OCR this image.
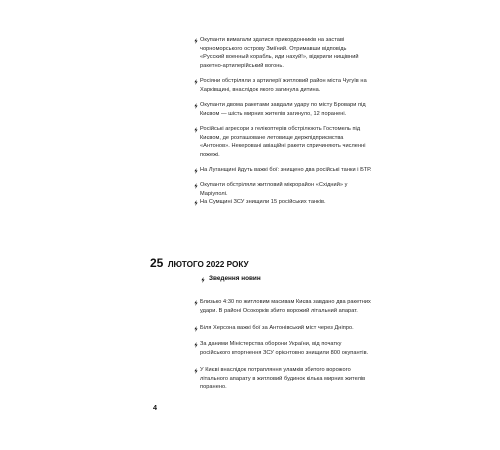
Окупанти вимагали здатися прикордонників на заставі чорноморського острову Зміїний. Отримавши відповідь «Русский военный корабль, иди нахуй!», відкрили нищівний ракетно-артилерійський вогонь.
Росіяни обстріляли з артилерії житловий район міста Чугуїв на Харківщині, внаслідок якого загинула дитина.
Окупанти двома ракетами завдали удару по місту Бровари під Києвом — шість мирних жителів загинуло, 12 поранені.
Російські агресори з гелікоптерів обстрілюють Гостомель під Києвом, де розташоване летовище держпідприємства «Антонов». Некеровані авіаційні ракети спричиняють численні пожежі.
На Луганщині йдуть важкі бої: знищено два російські танки і БТР.
Окупанти обстріляли житловий мікрорайон «Східний» у Маріуполі.
На Сумщині ЗСУ знищили 15 російських танків.
25 ЛЮТОГО 2022 РОКУ
Зведення новин
Близько 4:30 по житловим масивам Києва завдано два ракетних удари. В районі Осокорків збито ворожий літальний апарат.
Біля Херсона важкі бої за Антонівський міст через Дніпро.
За даними Міністерства оборони України, від початку російського вторгнення ЗСУ орієнтовно знищили 800 окупантів.
У Києві внаслідок потрапляння уламків збитого ворожого літального апарату в житловий будинок кілька мирних жителів поранено.
4
